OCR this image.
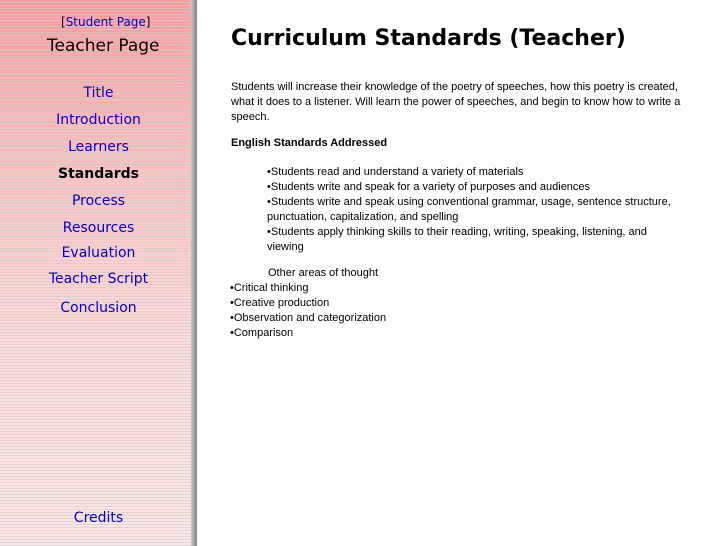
[Student Page]
Teacher Page
Title
Introduction
Learners
Standards
Process
Resources
Evaluation
Teacher Script
Conclusion
Credits
Curriculum Standards (Teacher)
Students will increase their knowledge of the poetry of speeches, how this poetry is created, what it does to a listener. Will learn the power of speeches, and begin to know how to write a speech.
English Standards Addressed
•Students read and understand a variety of materials
•Students write and speak for a variety of purposes and audiences
•Students write and speak using conventional grammar, usage, sentence structure, punctuation, capitalization, and spelling
•Students apply thinking skills to their reading, writing, speaking, listening, and viewing
Other areas of thought
•Critical thinking
•Creative production
•Observation and categorization
•Comparison
